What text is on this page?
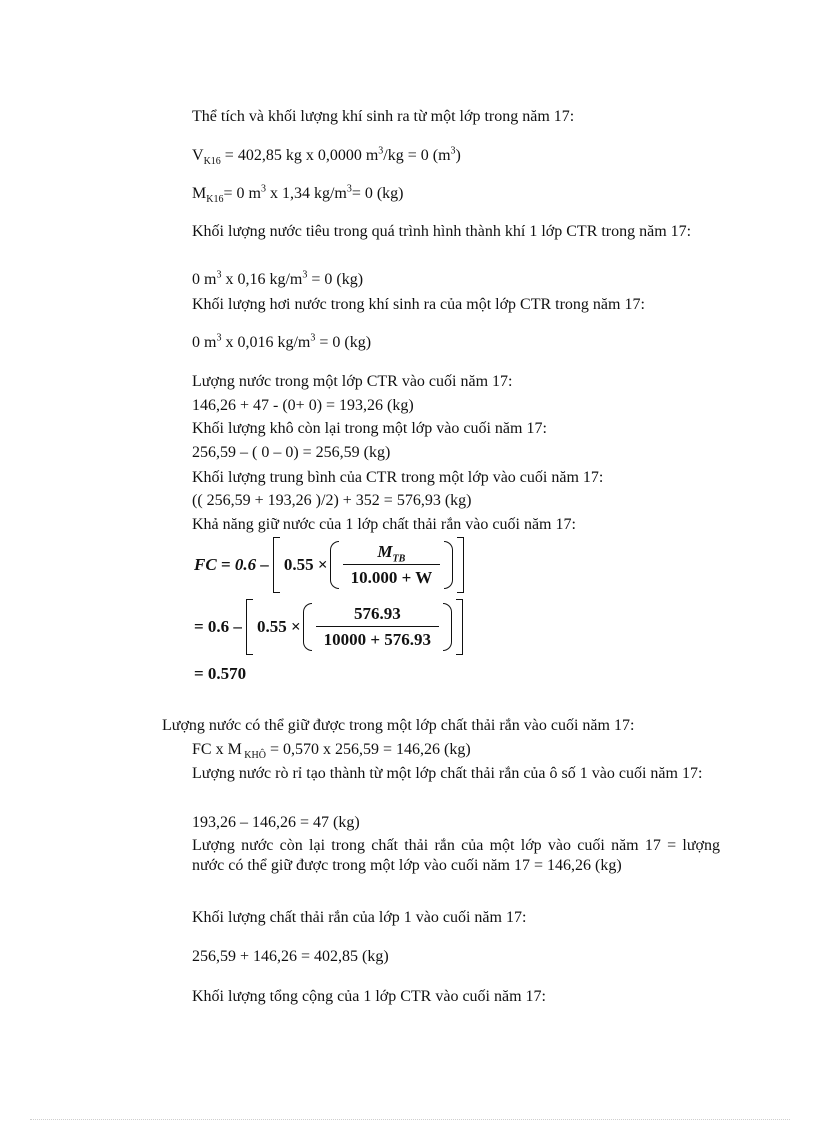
Thể tích và khối lượng khí sinh ra từ một lớp trong năm 17:
$V_{K16} = 402,85$ kg x 0,0000 $m^3/kg = 0$ $(m^3)$
$M_{K16}= 0$ $m^3$ x 1,34 $kg/m^3= 0$ (kg)
Khối lượng nước tiêu trong quá trình hình thành khí 1 lớp CTR trong năm 17:
0 $m^3$ x 0,16 $kg/m^3 = 0$ (kg)
Khối lượng hơi nước trong khí sinh ra của một lớp CTR trong năm 17:
0 $m^3$ x 0,016 $kg/m^3 = 0$ (kg)
Lượng nước trong một lớp CTR vào cuối năm 17:
146,26 + 47 - (0+ 0) = 193,26 (kg)
Khối lượng khô còn lại trong một lớp vào cuối năm 17:
256,59 – ( 0 – 0) = 256,59 (kg)
Khối lượng trung bình của CTR trong một lớp vào cuối năm 17:
(( 256,59 + 193,26 )/2) + 352 = 576,93 (kg)
Khả năng giữ nước của 1 lớp chất thải rắn vào cuối năm 17:
FC = $0.6 - 0.55 \times \frac{M_{TB}}{10.000 + W}$
= $0.6 - 0.55 \times \frac{576.93}{10000 + 576.93}$
= 0.570
Lượng nước có thể giữ được trong một lớp chất thải rắn vào cuối năm 17:
FC x M $_{KHÔ}$ = 0,570 x 256,59 = 146,26 (kg)
Lượng nước rò rỉ tạo thành từ một lớp chất thải rắn của ô số 1 vào cuối năm 17:
193,26 – 146,26 = 47 (kg)
Lượng nước còn lại trong chất thải rắn của một lớp vào cuối năm 17 = lượng nước có thể giữ được trong một lớp vào cuối năm 17 = 146,26 (kg)
Khối lượng chất thải rắn của lớp 1 vào cuối năm 17:
256,59 + 146,26 = 402,85 (kg)
Khối lượng tổng cộng của 1 lớp CTR vào cuối năm 17:
